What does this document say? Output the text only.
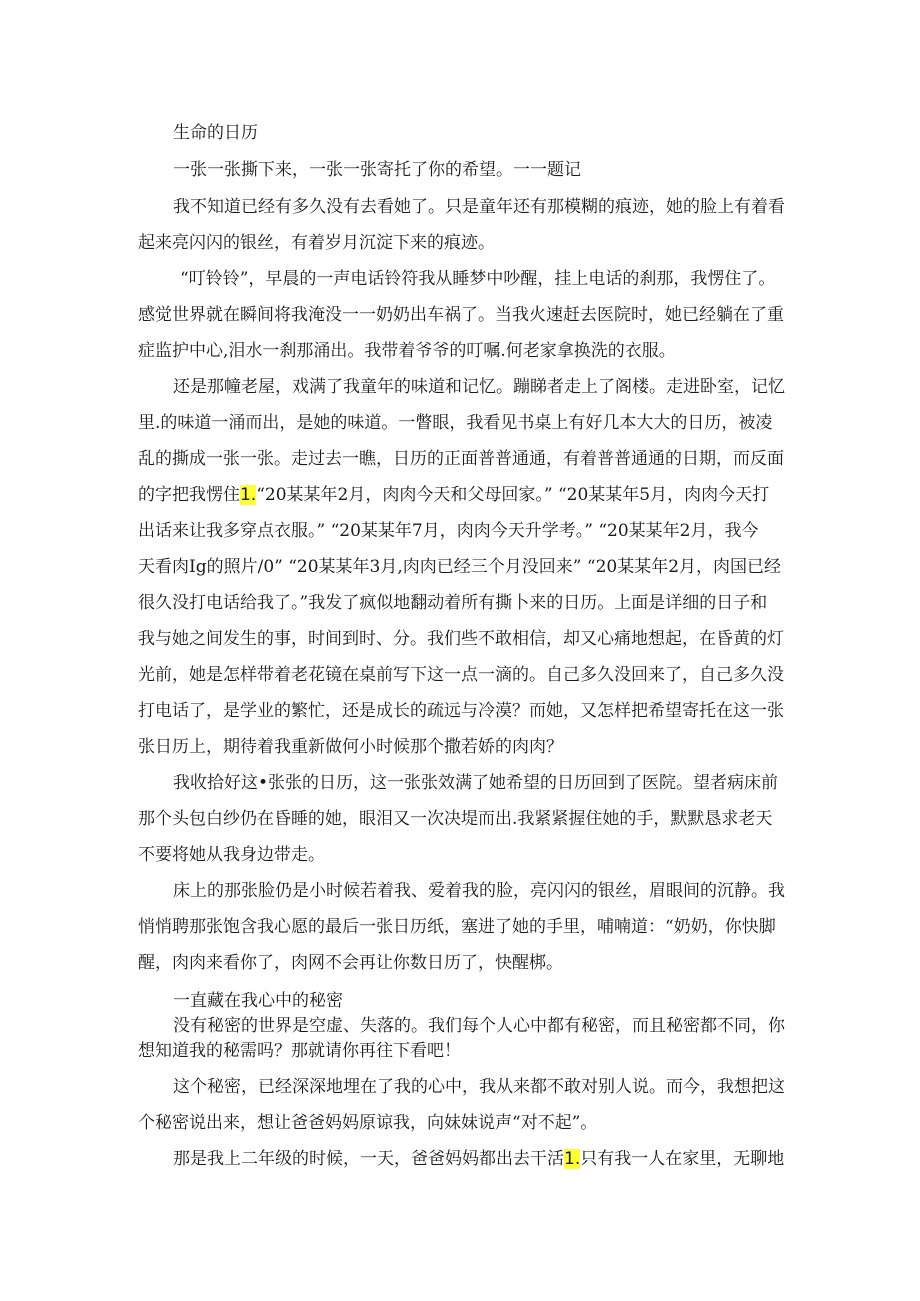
生命的日历
一张一张撕下来，一张一张寄托了你的希望。一一题记
我不知道已经有多久没有去看她了。只是童年还有那模糊的痕迹，她的脸上有着看
起来亮闪闪的银丝，有着岁月沉淀下来的痕迹。
“叮铃铃”，早晨的一声电话铃符我从睡梦中吵醒，挂上电话的刹那，我愣住了。
感觉世界就在瞬间将我淹没一一奶奶出车祸了。当我火速赶去医院时，她已经躺在了重
症监护中心,泪水一刹那涌出。我带着爷爷的叮嘱.何老家拿换洗的衣服。
还是那幢老屋，戏满了我童年的味道和记忆。蹦睇者走上了阁楼。走进卧室，记忆
里.的味道一涌而出，是她的味道。一瞥眼，我看见书桌上有好几本大大的日历，被凌
乱的撕成一张一张。走过去一瞧，日历的正面普普通通，有着普普通通的日期，而反面
的字把我愣住1.“20某某年2月，肉肉今天和父母回家。” “20某某年5月，肉肉今天打
出话来让我多穿点衣服。” “20某某年7月，肉肉今天升学考。” “20某某年2月，我今
天看肉Ig的照片/0” “20某某年3月,肉肉已经三个月没回来” “20某某年2月，肉国已经
很久没打电话给我了。”我发了疯似地翻动着所有撕卜来的日历。上面是详细的日子和
我与她之间发生的事，时间到时、分。我们些不敢相信，却又心痛地想起，在昏黄的灯
光前，她是怎样带着老花镜在桌前写下这一点一滴的。自己多久没回来了，自己多久没
打电话了，是学业的繁忙，还是成长的疏远与冷漠？而她，又怎样把希望寄托在这一张
张日历上，期待着我重新做何小时候那个撒若娇的肉肉？
我收拾好这•张张的日历，这一张张效满了她希望的日历回到了医院。望者病床前
那个头包白纱仍在昏睡的她，眼泪又一次决堤而出.我紧紧握住她的手，默默恳求老天
不要将她从我身边带走。
床上的那张脸仍是小时候若着我、爱着我的脸，亮闪闪的银丝，眉眼间的沉静。我
悄悄聘那张饱含我心愿的最后一张日历纸，塞进了她的手里，哺喃道：“奶奶，你快脚
醒，肉肉来看你了，肉网不会再让你数日历了，快醒梆。
一直藏在我心中的秘密
没有秘密的世界是空虚、失落的。我们每个人心中都有秘密，而且秘密都不同，你
想知道我的秘需吗？那就请你再往下看吧！
这个秘密，已经深深地埋在了我的心中，我从来都不敢对别人说。而今，我想把这
个秘密说出来，想让爸爸妈妈原谅我，向妹妹说声“对不起”。
那是我上二年级的时候，一天，爸爸妈妈都出去干活1.只有我一人在家里，无聊地
